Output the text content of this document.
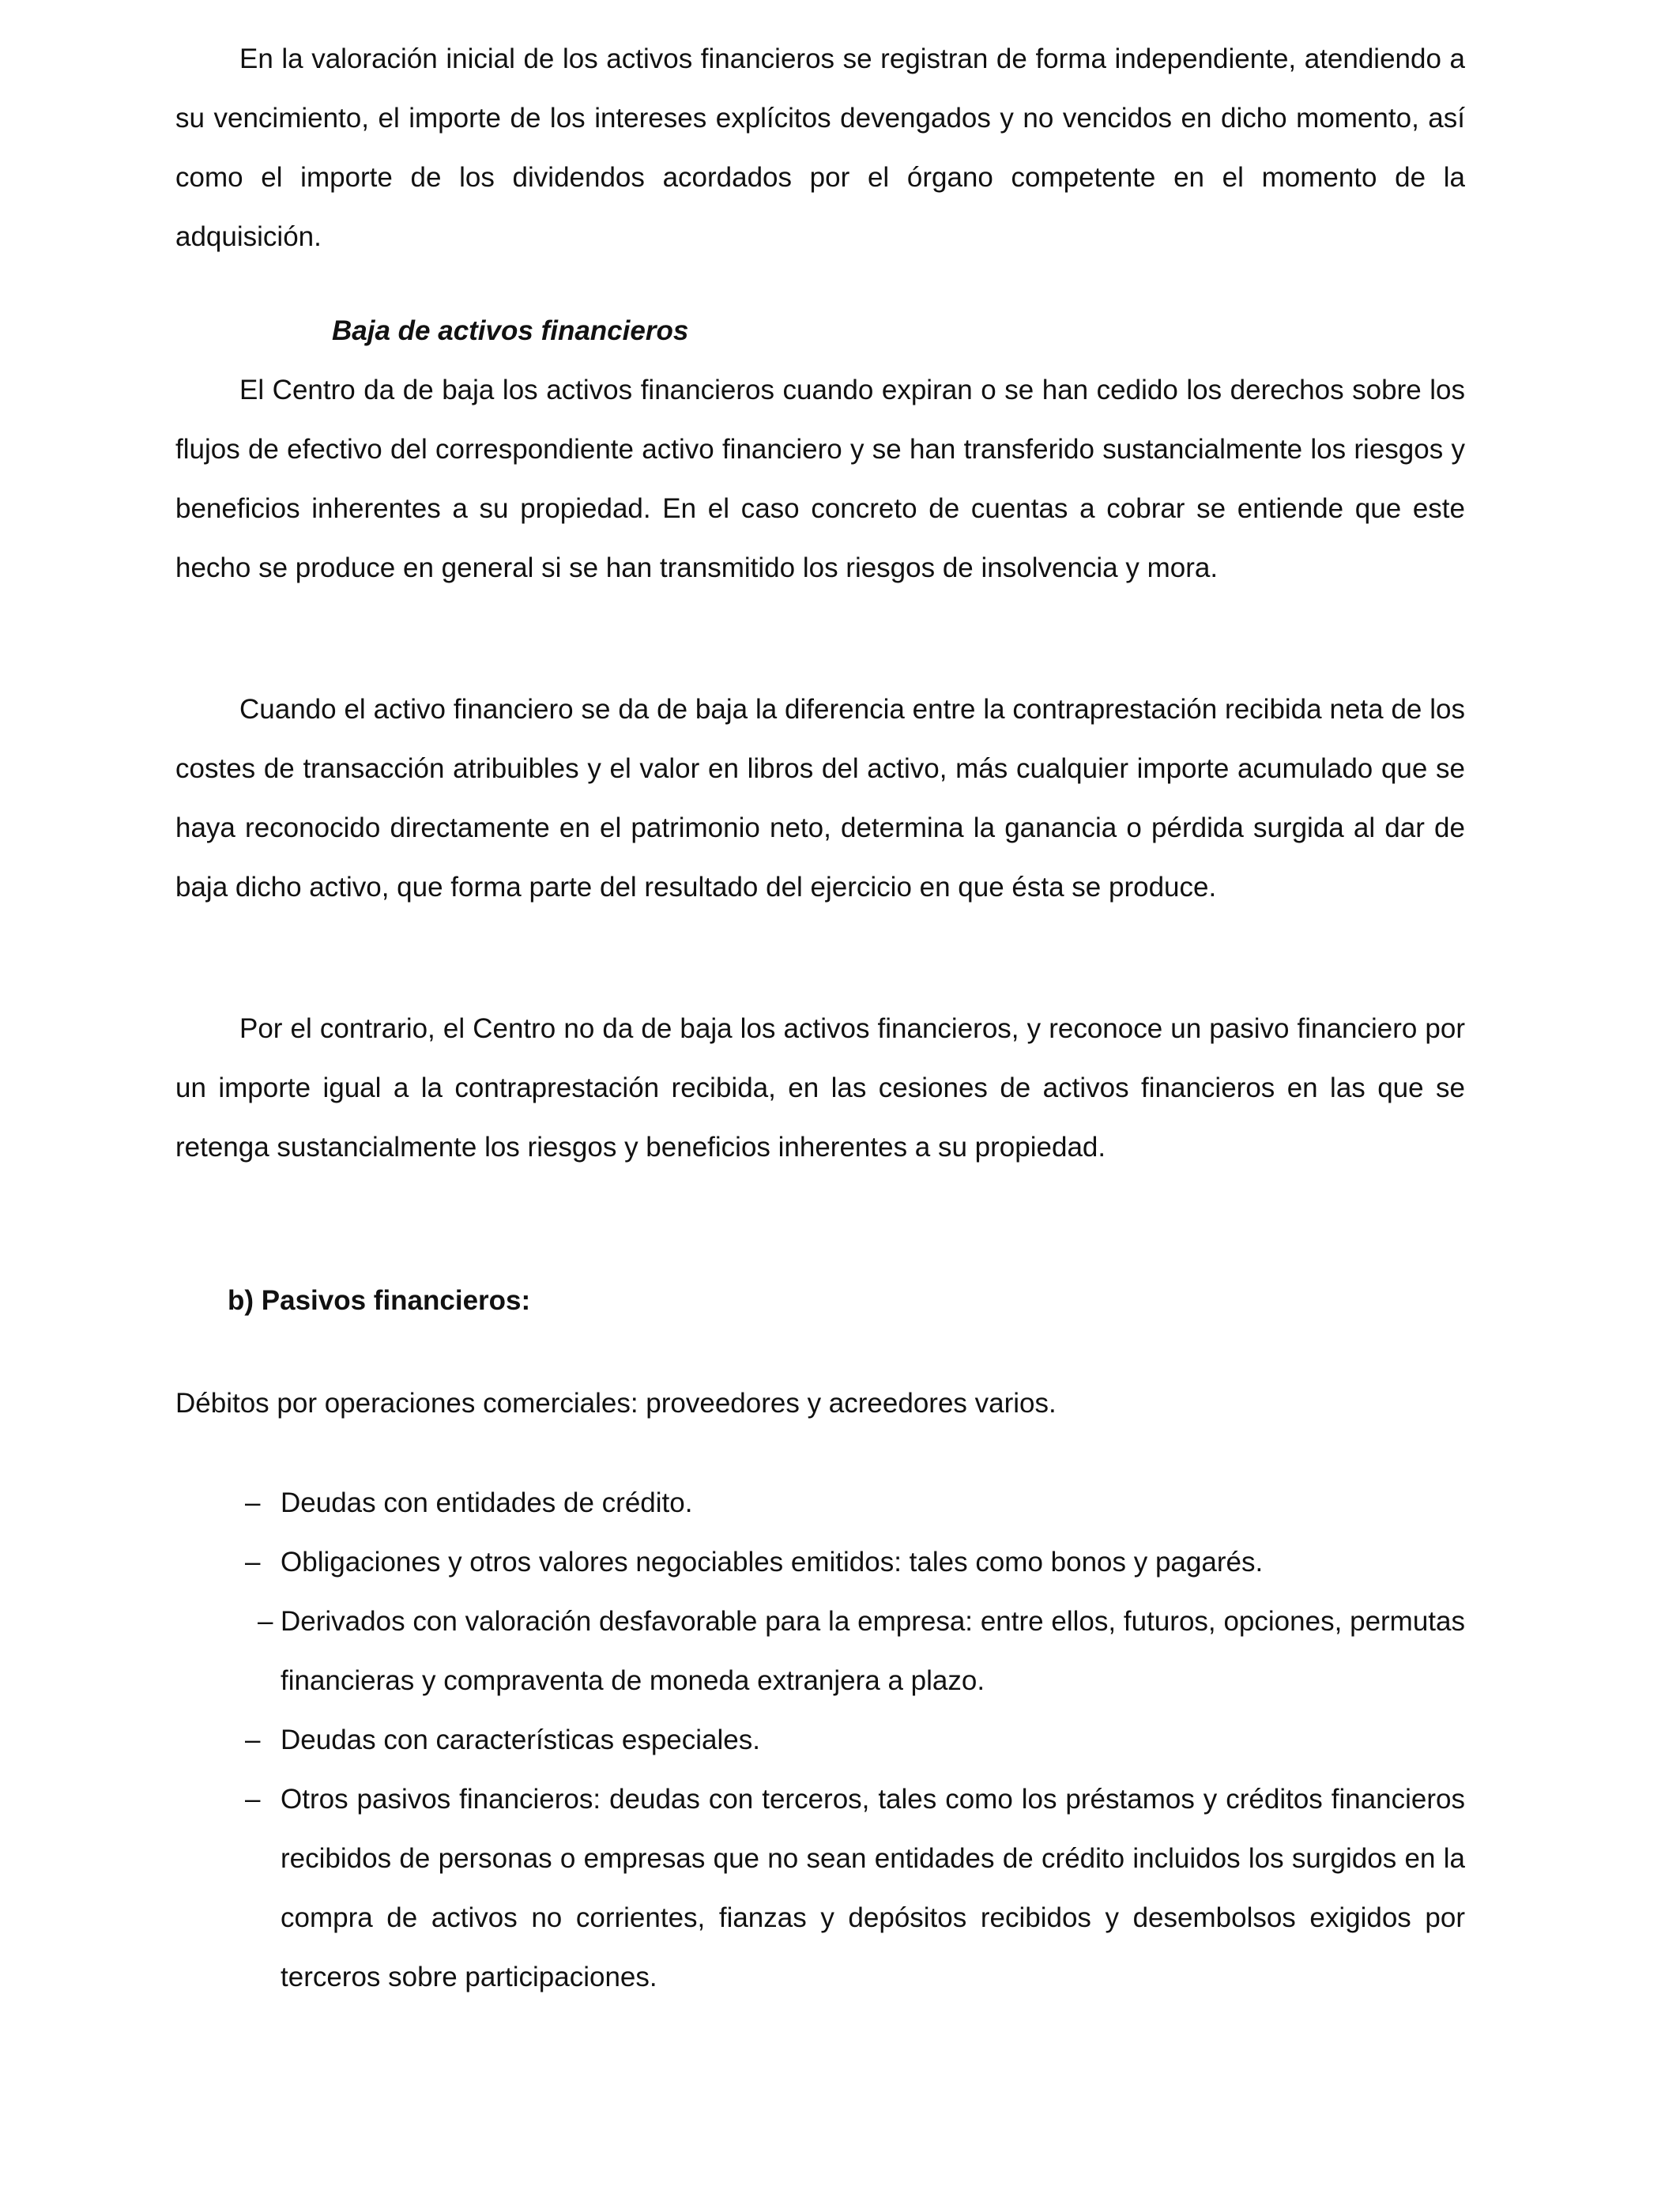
En la valoración inicial de los activos financieros se registran de forma independiente, atendiendo a su vencimiento, el importe de los intereses explícitos devengados y no vencidos en dicho momento, así como el importe de los dividendos acordados por el órgano competente en el momento de la adquisición.

Baja de activos financieros

El Centro da de baja los activos financieros cuando expiran o se han cedido los derechos sobre los flujos de efectivo del correspondiente activo financiero y se han transferido sustancialmente los riesgos y beneficios inherentes a su propiedad. En el caso concreto de cuentas a cobrar se entiende que este hecho se produce en general si se han transmitido los riesgos de insolvencia y mora.

Cuando el activo financiero se da de baja la diferencia entre la contraprestación recibida neta de los costes de transacción atribuibles y el valor en libros del activo, más cualquier importe acumulado que se haya reconocido directamente en el patrimonio neto, determina la ganancia o pérdida surgida al dar de baja dicho activo, que forma parte del resultado del ejercicio en que ésta se produce.

Por el contrario, el Centro no da de baja los activos financieros, y reconoce un pasivo financiero por un importe igual a la contraprestación recibida, en las cesiones de activos financieros en las que se retenga sustancialmente los riesgos y beneficios inherentes a su propiedad.

b) Pasivos financieros:

Débitos por operaciones comerciales: proveedores y acreedores varios.

– Deudas con entidades de crédito.
– Obligaciones y otros valores negociables emitidos: tales como bonos y pagarés.
– Derivados con valoración desfavorable para la empresa: entre ellos, futuros, opciones, permutas financieras y compraventa de moneda extranjera a plazo.
– Deudas con características especiales.
– Otros pasivos financieros: deudas con terceros, tales como los préstamos y créditos financieros recibidos de personas o empresas que no sean entidades de crédito incluidos los surgidos en la compra de activos no corrientes, fianzas y depósitos recibidos y desembolsos exigidos por terceros sobre participaciones.
